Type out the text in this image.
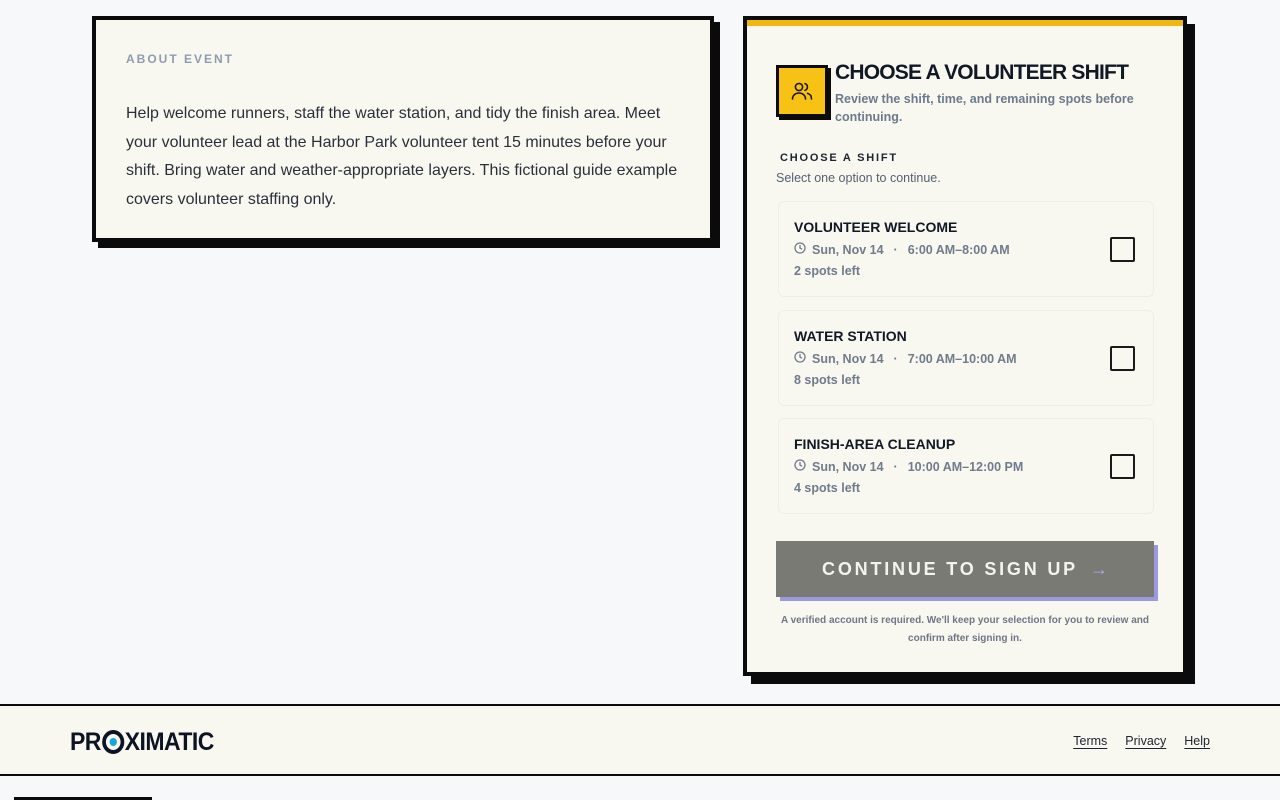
ABOUT EVENT

Help welcome runners, staff the water station, and tidy the finish area. Meet your volunteer lead at the Harbor Park volunteer tent 15 minutes before your shift. Bring water and weather-appropriate layers. This fictional guide example covers volunteer staffing only.

CHOOSE A VOLUNTEER SHIFT

Review the shift, time, and remaining spots before continuing.

CHOOSE A SHIFT
Select one option to continue.
VOLUNTEER WELCOME
Sun, Nov 14 · 6:00 AM–8:00 AM
2 spots left
WATER STATION
Sun, Nov 14 · 7:00 AM–10:00 AM
8 spots left
FINISH-AREA CLEANUP
Sun, Nov 14 · 10:00 AM–12:00 PM
4 spots left
CONTINUE TO SIGN UP →

A verified account is required. We'll keep your selection for you to review and confirm after signing in.

PR XIMATIC	Terms Privacy Help
